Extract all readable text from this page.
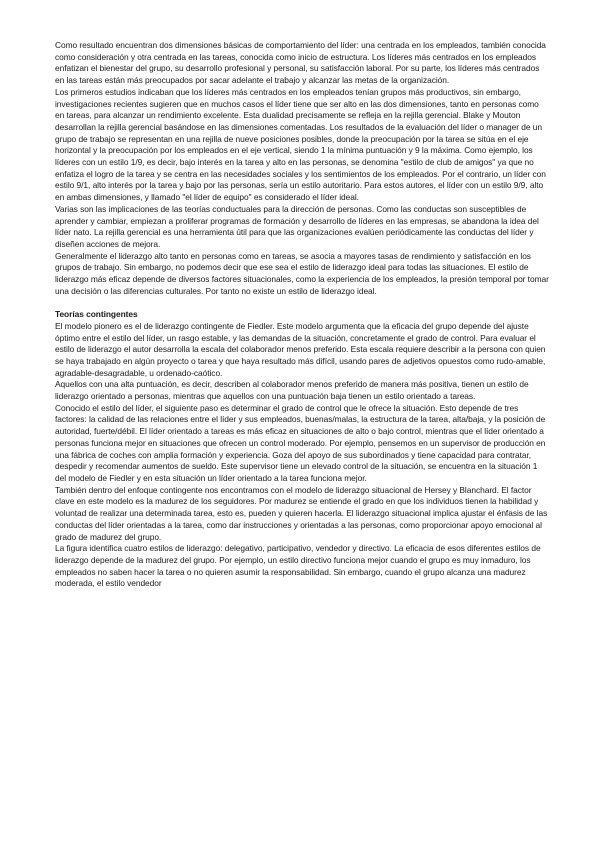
Como resultado encuentran dos dimensiones básicas de comportamiento del líder: una centrada en los empleados, también conocida como consideración y otra centrada en las tareas, conocida como inicio de estructura. Los líderes más centrados en los empleados enfatizan el bienestar del grupo, su desarrollo profesional y personal, su satisfacción laboral. Por su parte, los líderes más centrados en las tareas están más preocupados por sacar adelante el trabajo y alcanzar las metas de la organización.

Los primeros estudios indicaban que los líderes más centrados en los empleados tenían grupos más productivos, sin embargo, investigaciones recientes sugieren que en muchos casos el líder tiene que ser alto en las dos dimensiones, tanto en personas como en tareas, para alcanzar un rendimiento excelente. Esta dualidad precisamente se refleja en la rejilla gerencial. Blake y Mouton desarrollan la rejilla gerencial basándose en las dimensiones comentadas. Los resultados de la evaluación del líder o manager de un grupo de trabajo se representan en una rejilla de nueve posiciones posibles, donde la preocupación por la tarea se sitúa en el eje horizontal y la preocupación por los empleados en el eje vertical, siendo 1 la mínima puntuación y 9 la máxima. Como ejemplo, los líderes con un estilo 1/9, es decir, bajo interés en la tarea y alto en las personas, se denomina "estilo de club de amigos" ya que no enfatiza el logro de la tarea y se centra en las necesidades sociales y los sentimientos de los empleados. Por el contrario, un líder con estilo 9/1, alto interés por la tarea y bajo por las personas, sería un estilo autoritario. Para estos autores, el líder con un estilo 9/9, alto en ambas dimensiones, y llamado "el líder de equipo" es considerado el líder ideal.

Varias son las implicaciones de las teorías conductuales para la dirección de personas. Como las conductas son susceptibles de aprender y cambiar, empiezan a proliferar programas de formación y desarrollo de líderes en las empresas, se abandona la idea del líder nato. La rejilla gerencial es una herramienta útil para que las organizaciones evalúen periódicamente las conductas del líder y diseñen acciones de mejora.

Generalmente el liderazgo alto tanto en personas como en tareas, se asocia a mayores tasas de rendimiento y satisfacción en los grupos de trabajo. Sin embargo, no podemos decir que ese sea el estilo de liderazgo ideal para todas las situaciones. El estilo de liderazgo más eficaz depende de diversos factores situacionales, como la experiencia de los empleados, la presión temporal por tomar una decisión o las diferencias culturales. Por tanto no existe un estilo de liderazgo ideal.

Teorías contingentes

El modelo pionero es el de liderazgo contingente de Fiedler. Este modelo argumenta que la eficacia del grupo depende del ajuste óptimo entre el estilo del líder, un rasgo estable, y las demandas de la situación, concretamente el grado de control. Para evaluar el estilo de liderazgo el autor desarrolla la escala del colaborador menos preferido. Esta escala requiere describir a la persona con quien se haya trabajado en algún proyecto o tarea y que haya resultado más difícil, usando pares de adjetivos opuestos como rudo-amable, agradable-desagradable, u ordenado-caótico.

Aquellos con una alta puntuación, es decir, describen al colaborador menos preferido de manera más positiva, tienen un estilo de liderazgo orientado a personas, mientras que aquellos con una puntuación baja tienen un estilo orientado a tareas.

Conocido el estilo del líder, el siguiente paso es determinar el grado de control que le ofrece la situación. Esto depende de tres factores: la calidad de las relaciones entre el líder y sus empleados, buenas/malas, la estructura de la tarea, alta/baja, y la posición de autoridad, fuerte/débil. El líder orientado a tareas es más eficaz en situaciones de alto o bajo control, mientras que el líder orientado a personas funciona mejor en situaciones que ofrecen un control moderado. Por ejemplo, pensemos en un supervisor de producción en una fábrica de coches con amplia formación y experiencia. Goza del apoyo de sus subordinados y tiene capacidad para contratar, despedir y recomendar aumentos de sueldo. Este supervisor tiene un elevado control de la situación, se encuentra en la situación 1 del modelo de Fiedler y en esta situación un líder orientado a la tarea funciona mejor.

También dentro del enfoque contingente nos encontramos con el modelo de liderazgo situacional de Hersey y Blanchard. El factor clave en este modelo es la madurez de los seguidores. Por madurez se entiende el grado en que los individuos tienen la habilidad y voluntad de realizar una determinada tarea, esto es, pueden y quieren hacerla. El liderazgo situacional implica ajustar el énfasis de las conductas del líder orientadas a la tarea, como dar instrucciones y orientadas a las personas, como proporcionar apoyo emocional al grado de madurez del grupo.

La figura identifica cuatro estilos de liderazgo: delegativo, participativo, vendedor y directivo. La eficacia de esos diferentes estilos de liderazgo depende de la madurez del grupo. Por ejemplo, un estilo directivo funciona mejor cuando el grupo es muy inmaduro, los empleados no saben hacer la tarea o no quieren asumir la responsabilidad. Sin embargo, cuando el grupo alcanza una madurez moderada, el estilo vendedor
